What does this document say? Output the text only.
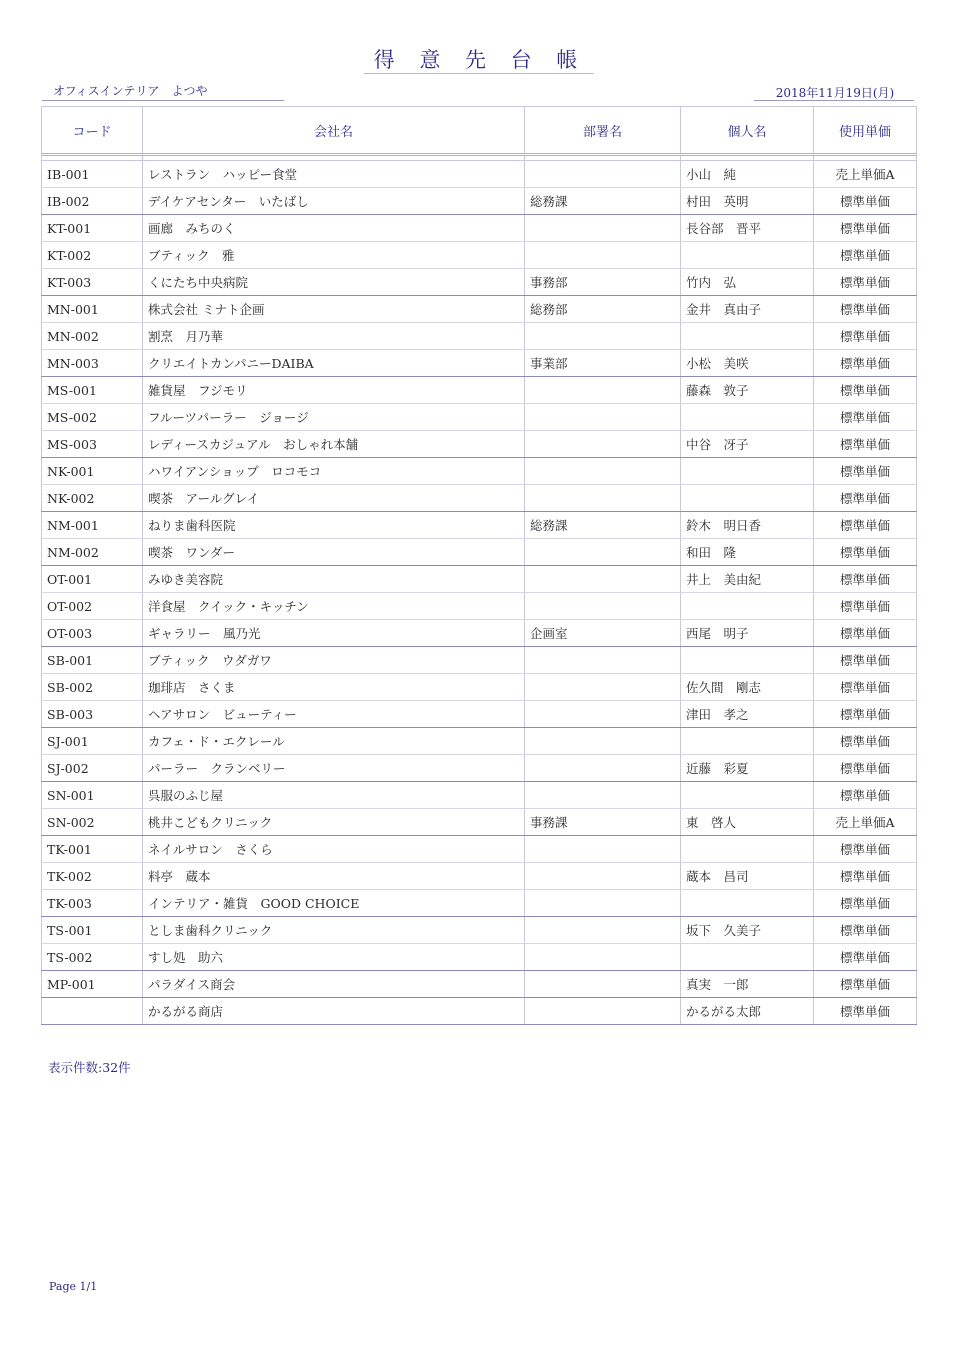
得 意 先 台 帳
オフィスインテリア　よつや	2018年11月19日(月)
コード	会社名	部署名	個人名	使用単価

IB-001	レストラン　ハッピー食堂		小山　純	売上単価A
IB-002	デイケアセンター　いたばし	総務課	村田　英明	標準単価
KT-001	画廊　みちのく		長谷部　晋平	標準単価
KT-002	ブティック　雅			標準単価
KT-003	くにたち中央病院	事務部	竹内　弘	標準単価
MN-001	株式会社 ミナト企画	総務部	金井　真由子	標準単価
MN-002	割烹　月乃華			標準単価
MN-003	クリエイトカンパニーDAIBA	事業部	小松　美咲	標準単価
MS-001	雑貨屋　フジモリ		藤森　敦子	標準単価
MS-002	フルーツパーラー　ジョージ			標準単価
MS-003	レディースカジュアル　おしゃれ本舗		中谷　冴子	標準単価
NK-001	ハワイアンショップ　ロコモコ			標準単価
NK-002	喫茶　アールグレイ			標準単価
NM-001	ねりま歯科医院	総務課	鈴木　明日香	標準単価
NM-002	喫茶　ワンダー		和田　隆	標準単価
OT-001	みゆき美容院		井上　美由紀	標準単価
OT-002	洋食屋　クイック・キッチン			標準単価
OT-003	ギャラリー　風乃光	企画室	西尾　明子	標準単価
SB-001	ブティック　ウダガワ			標準単価
SB-002	珈琲店　さくま		佐久間　剛志	標準単価
SB-003	ヘアサロン　ビューティー		津田　孝之	標準単価
SJ-001	カフェ・ド・エクレール			標準単価
SJ-002	パーラー　クランベリー		近藤　彩夏	標準単価
SN-001	呉服のふじ屋			標準単価
SN-002	桃井こどもクリニック	事務課	東　啓人	売上単価A
TK-001	ネイルサロン　さくら			標準単価
TK-002	料亭　蔵本		蔵本　昌司	標準単価
TK-003	インテリア・雑貨　GOOD CHOICE			標準単価
TS-001	としま歯科クリニック		坂下　久美子	標準単価
TS-002	すし処　助六			標準単価
MP-001	パラダイス商会		真実　一郎	標準単価
	かるがる商店		かるがる太郎	標準単価
表示件数:32件
Page 1/1
